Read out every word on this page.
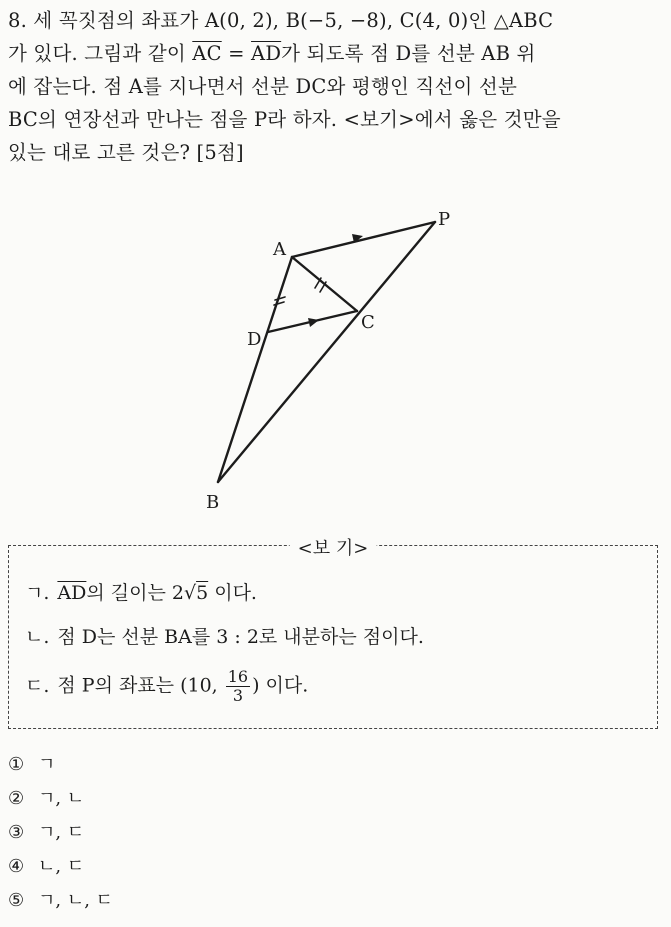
8. 세 꼭짓점의 좌표가 A(0, 2), B(−5, −8), C(4, 0)인 △ABC
가 있다. 그림과 같이 $\overline{AC} = \overline{AD}$가 되도록 점 D를 선분 AB 위
에 잡는다. 점 A를 지나면서 선분 DC와 평행인 직선이 선분
BC의 연장선과 만나는 점을 P라 하자. <보기>에서 옳은 것만을
있는 대로 고른 것은? [5점]
A
P
C
D
B
<보 기>
ㄱ. $\overline{AD}$의 길이는 2√5 이다.
ㄴ. 점 D는 선분 BA를 3 : 2로 내분하는 점이다.
ㄷ. 점 P의 좌표는 (10, $\frac{16}{3}$ ) 이다.
① ㄱ
② ㄱ, ㄴ
③ ㄱ, ㄷ
④ ㄴ, ㄷ
⑤ ㄱ, ㄴ, ㄷ
